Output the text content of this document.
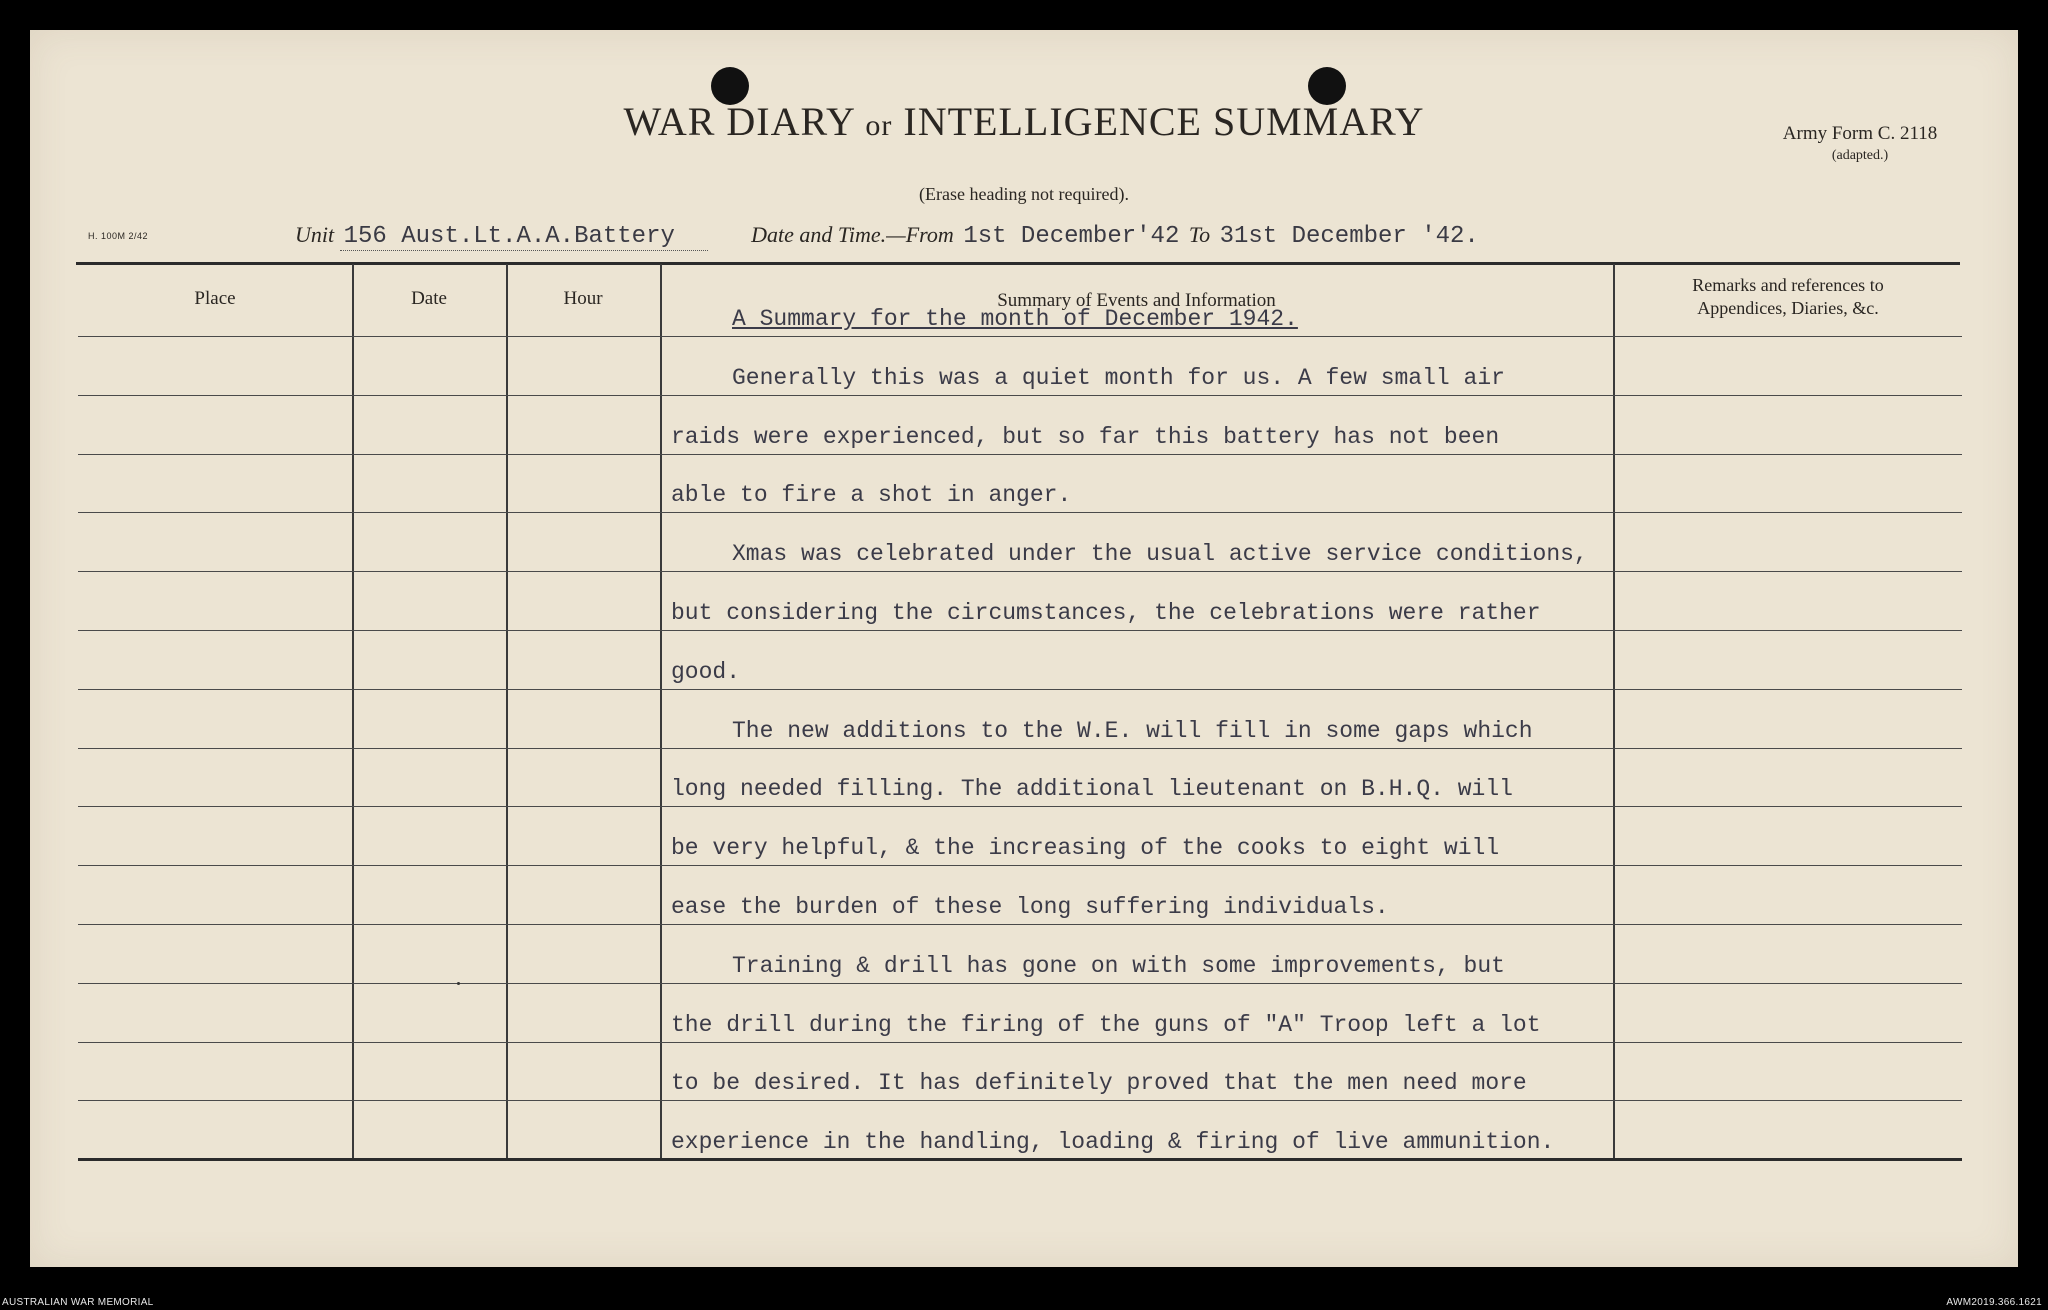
WAR DIARY or INTELLIGENCE SUMMARY
(Erase heading not required).
Army Form C. 2118
(adapted.)
H. 100M 2/42	Unit 156 Aust.Lt.A.A.Battery	Date and Time.—From 1st December'42 To 31st December '42.
Place	Date	Hour	Summary of Events and Information
Remarks and references to
Appendices, Diaries, &c.
A Summary for the month of December 1942.
Generally this was a quiet month for us. A few small air
raids were experienced, but so far this battery has not been
able to fire a shot in anger.
Xmas was celebrated under the usual active service conditions,
but considering the circumstances, the celebrations were rather
good.
The new additions to the W.E. will fill in some gaps which
long needed filling. The additional lieutenant on B.H.Q. will
be very helpful, & the increasing of the cooks to eight will
ease the burden of these long suffering individuals.
Training & drill has gone on with some improvements, but
the drill during the firing of the guns of "A" Troop left a lot
to be desired. It has definitely proved that the men need more
experience in the handling, loading & firing of live ammunition.
AUSTRALIAN WAR MEMORIAL	AWM2019.366.1621
